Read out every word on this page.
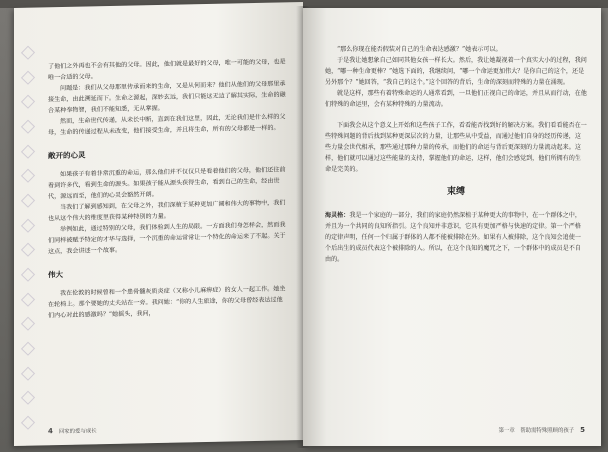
了他们之外再也不会有其他的父母。因此，他们就是最好的父母，唯一可能的父母，也是唯一合适的父母。

问题是：我们从父母那里传承而来的生命，又是从何而来？他们从他们的父母那里承接生命，由此溯延而下。生命之源起，深妙玄远，我们只能这无边了解其实际，生命的融合某种奉物智，我们不能知悉，无从掌握。

然而，生命世代传递，从未长中断，直到在我们这里，因此，无论我们是什么样的父母，生命的传递过程从未改变，他们接受生命，并且将生命，所有的父母都是一样的。

敞开的心灵

如果孩子有着非常沉重的命运，那么他们并不仅仅只是看着他们的父母，他们还往前看到许多代，看到生命的源头。如果孩子能从源头获得生命，看到自己的生命，经由世代，源远而至，他们的心灵会豁然开朗。

当我们了解到感知到，在父母之外，我们深植于某种更加广阔和伟大的事物中，我们也从这个伟大的维度里获得某种特别的力量。

举例如此，通过特别的父母，我们体验到人生的局限。一方面我们身怎样会，然而我们同样被赋予特定的才华与选择，一个沉重的命运常常让一个特化的命运来了不起。关于这点，我会讲述一个故事。

伟大

我在伦敦的时候曾和一个患骨髓灰质炎症（又称小儿麻痹症）的女人一起工作。她坐在轮椅上。那个要她的丈夫站在一旁。我问她：“你的人生旅途，你的父母曾经表达过他们内心对此的感激吗？”她摇头，我问，

4 回家的爱与成长

“那么你现在能否假装对自己的生命表达感激？”她表示可以。

于是我让她想象自己如同其他女孩一样长大。然后，我让她凝视着一个真实大小的过程，我问她，“哪一种生命更棒？”她选下面的，我继续问，“哪一个命运更加伟大？是你自己的这个，还是另外那个？”她回答，“我自己的这个。”这个回答的背后，生命的深刻而特殊的力量在涌现。

就是这样，那些有着特殊命运的人通常看到，一旦他们正视自己的命运，并且从而行动，在他们特殊的命运里，会有某种特殊的力量流动。

下面我会从这个意义上开始和这些孩子工作，看看能否找到好的解决方案。我们看看能否在一些特殊问题的背后找到某种更深层次的力量，让那些从中受益，而通过他们自身的经历传递，这些力量会世代相承，那些通过那种力量的传承，而他们的命运与背后更深刻的力量流动起来。这样，他们就可以通过这些能量的支持，掌握他们的命运，这样，他们会感觉到，他们所拥有的生命是完美的。

束缚

海灵格：我是一个家庭的一部分，我们的家庭仍然深植于某种更大的事物中，在一个群体之中，并且为一个共同的良知所指引。这个良知并非意识，它具有更加严格与快速的定律。第一个严格的定律声明，任何一个归属于群体的人都不能被排除在外。如果有人被排除，这个良知会追使一个后出生的成员代表这个被排除的人。所以，在这个良知的魔咒之下，一个群体中的成员是不自由的。

第一章　帮助需特殊照顾的孩子 5
